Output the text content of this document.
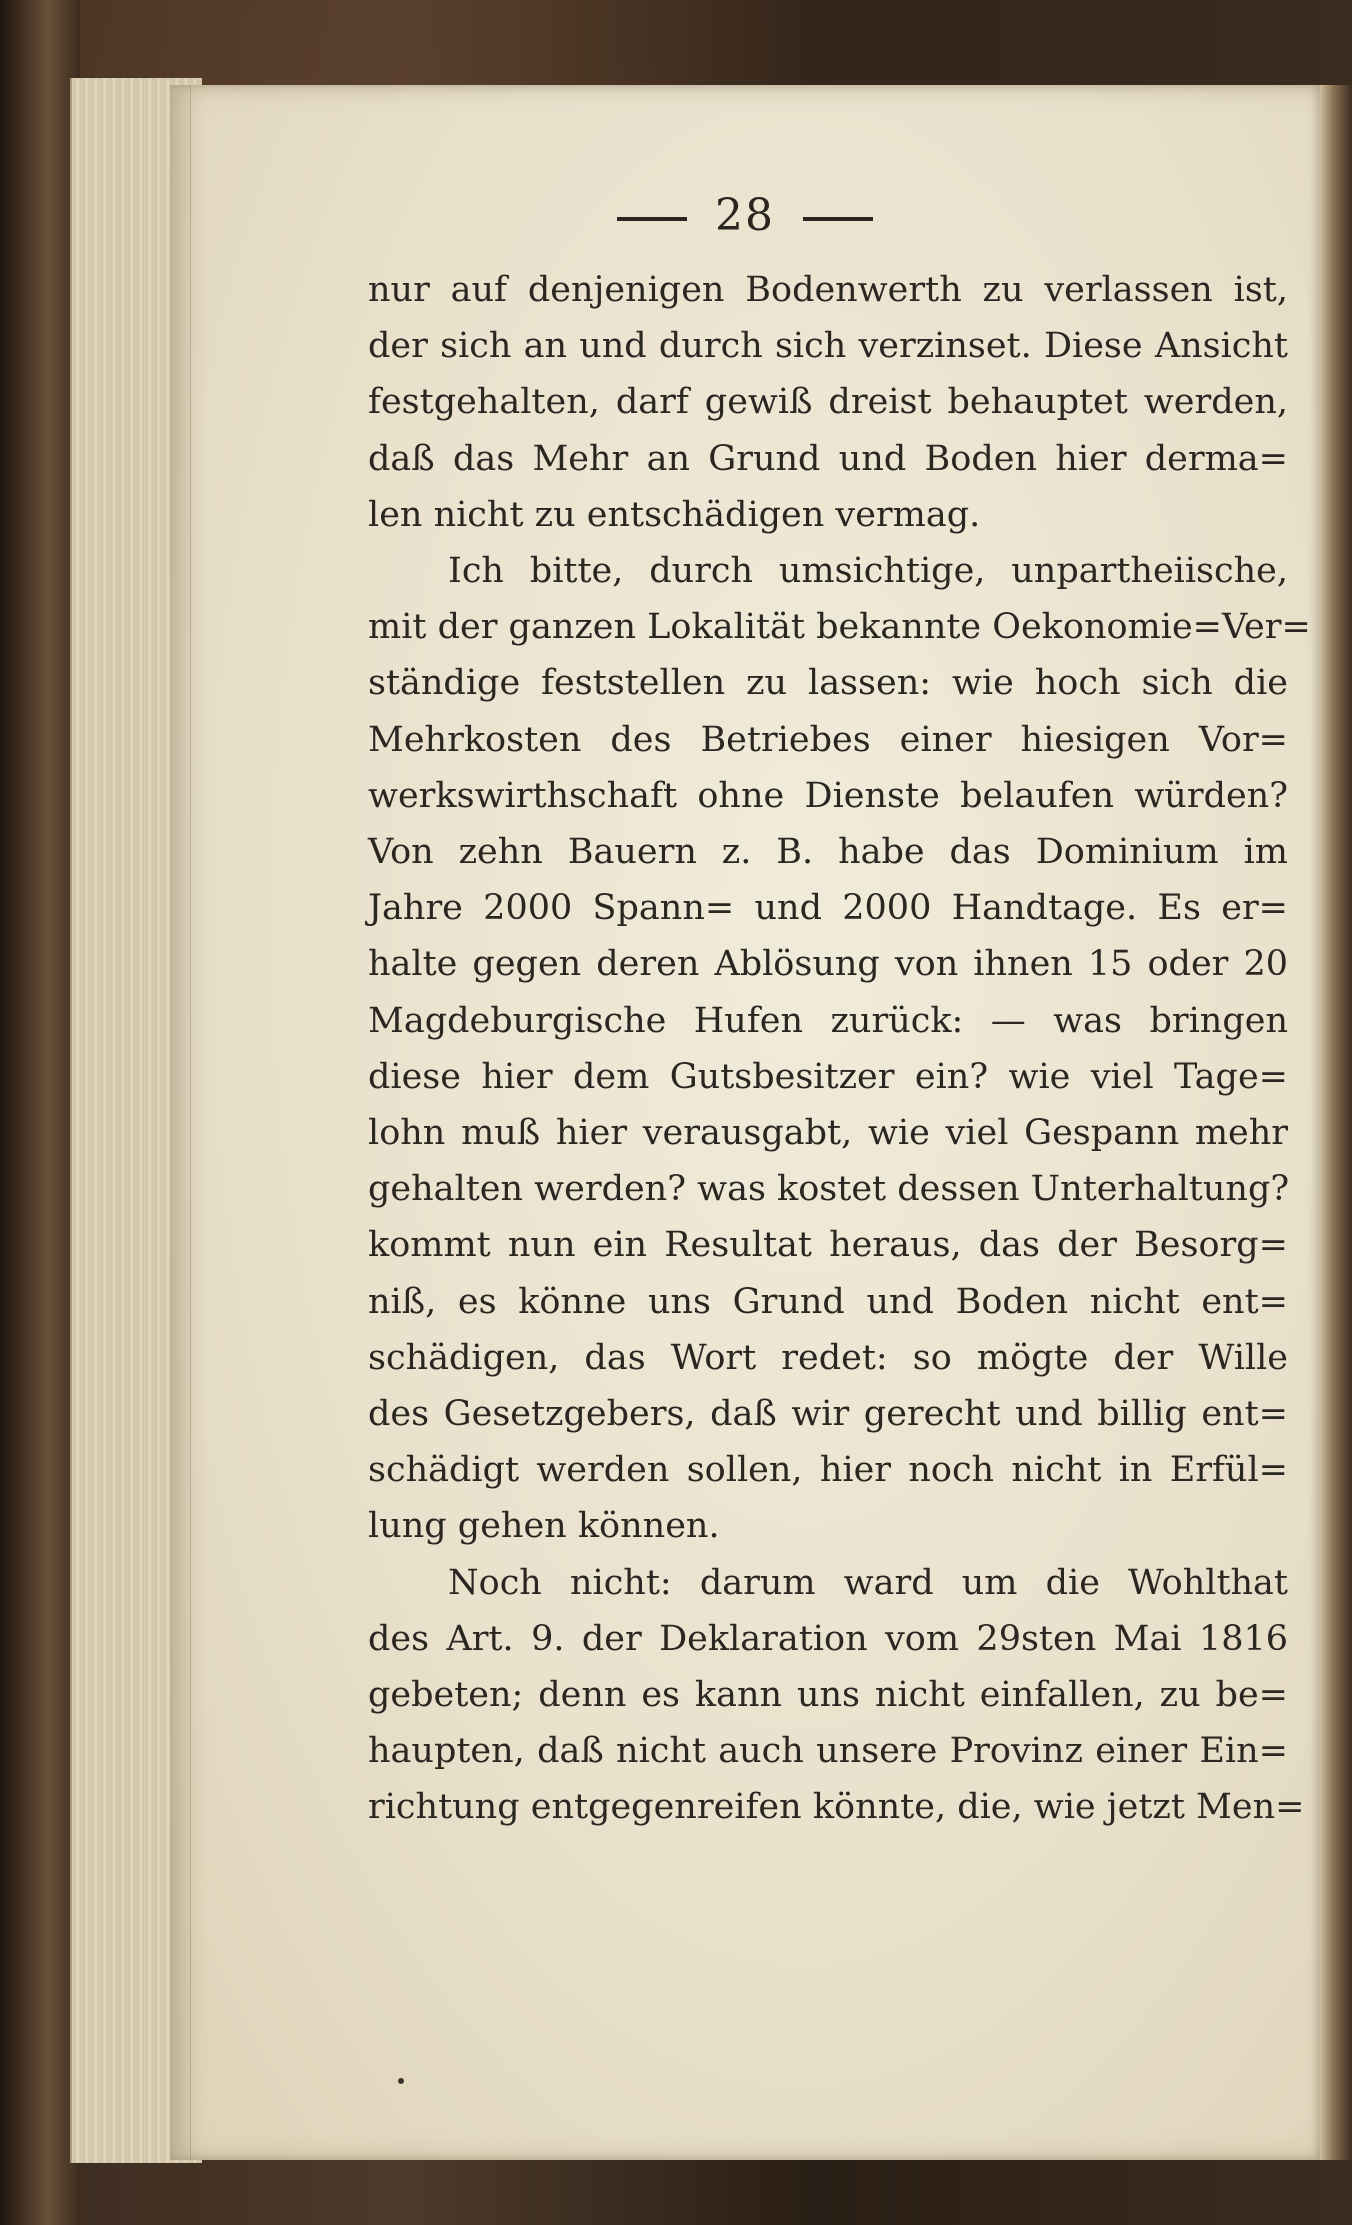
28
nur auf denjenigen Bodenwerth zu verlassen ist,
der sich an und durch sich verzinset. Diese Ansicht
festgehalten, darf gewiß dreist behauptet werden,
daß das Mehr an Grund und Boden hier derma=
len nicht zu entschädigen vermag.
Ich bitte, durch umsichtige, unpartheiische,
mit der ganzen Lokalität bekannte Oekonomie=Ver=
ständige feststellen zu lassen: wie hoch sich die
Mehrkosten des Betriebes einer hiesigen Vor=
werkswirthschaft ohne Dienste belaufen würden?
Von zehn Bauern z. B. habe das Dominium im
Jahre 2000 Spann= und 2000 Handtage. Es er=
halte gegen deren Ablösung von ihnen 15 oder 20
Magdeburgische Hufen zurück: — was bringen
diese hier dem Gutsbesitzer ein? wie viel Tage=
lohn muß hier verausgabt, wie viel Gespann mehr
gehalten werden? was kostet dessen Unterhaltung?
kommt nun ein Resultat heraus, das der Besorg=
niß, es könne uns Grund und Boden nicht ent=
schädigen, das Wort redet: so mögte der Wille
des Gesetzgebers, daß wir gerecht und billig ent=
schädigt werden sollen, hier noch nicht in Erfül=
lung gehen können.
Noch nicht: darum ward um die Wohlthat
des Art. 9. der Deklaration vom 29sten Mai 1816
gebeten; denn es kann uns nicht einfallen, zu be=
haupten, daß nicht auch unsere Provinz einer Ein=
richtung entgegenreifen könnte, die, wie jetzt Men=
